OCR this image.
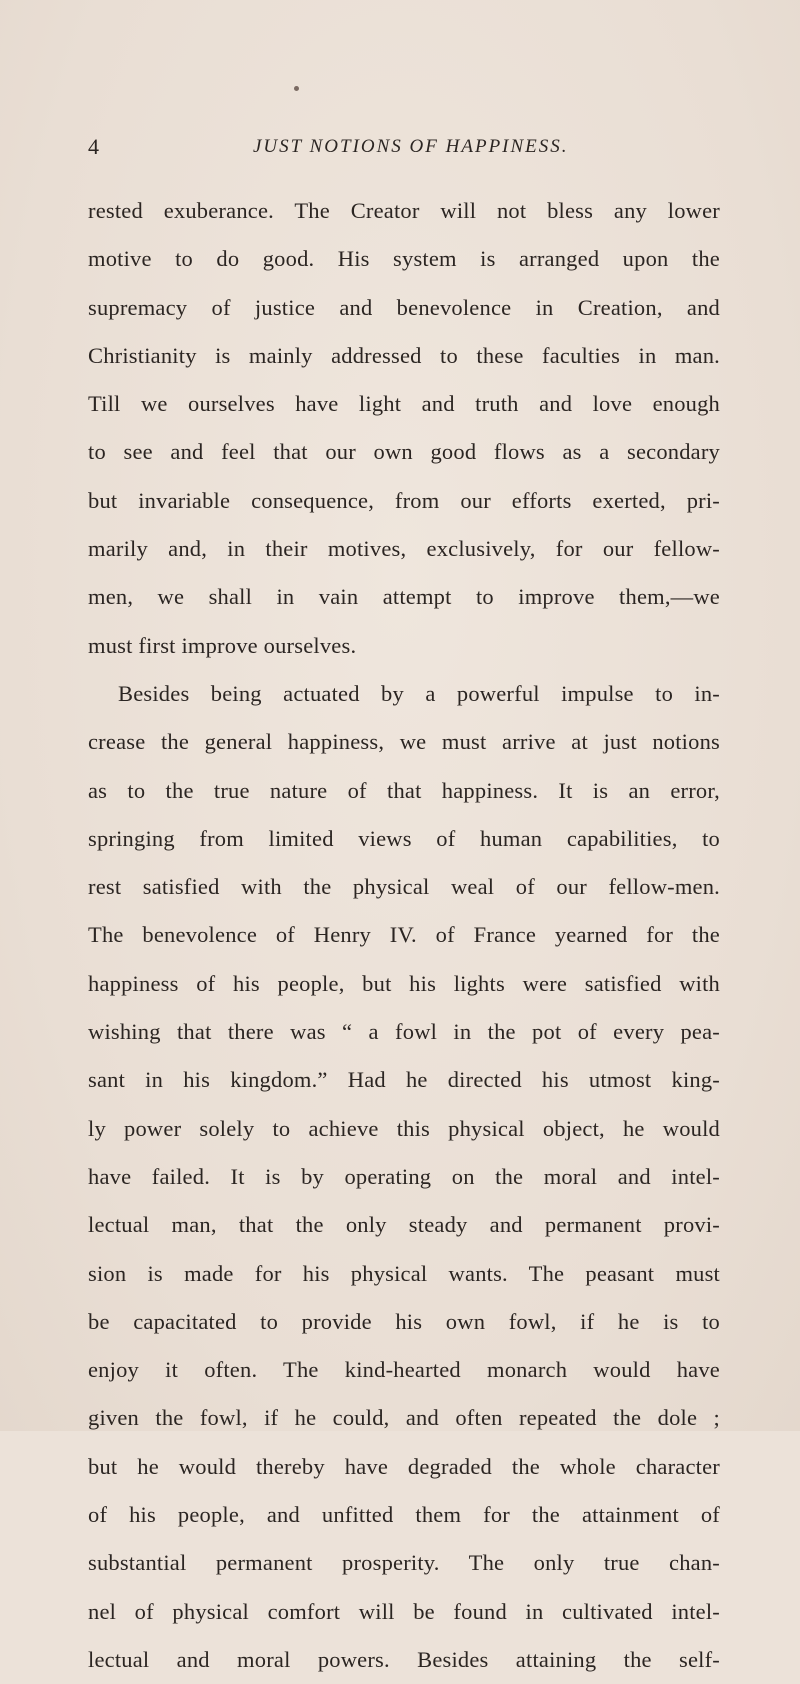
4	JUST NOTIONS OF HAPPINESS.
rested exuberance. The Creator will not bless any lower
motive to do good. His system is arranged upon the
supremacy of justice and benevolence in Creation, and
Christianity is mainly addressed to these faculties in man.
Till we ourselves have light and truth and love enough
to see and feel that our own good flows as a secondary
but invariable consequence, from our efforts exerted, pri-
marily and, in their motives, exclusively, for our fellow-
men, we shall in vain attempt to improve them,—we
must first improve ourselves.
Besides being actuated by a powerful impulse to in-
crease the general happiness, we must arrive at just notions
as to the true nature of that happiness. It is an error,
springing from limited views of human capabilities, to
rest satisfied with the physical weal of our fellow-men.
The benevolence of Henry IV. of France yearned for the
happiness of his people, but his lights were satisfied with
wishing that there was “ a fowl in the pot of every pea-
sant in his kingdom.” Had he directed his utmost king-
ly power solely to achieve this physical object, he would
have failed. It is by operating on the moral and intel-
lectual man, that the only steady and permanent provi-
sion is made for his physical wants. The peasant must
be capacitated to provide his own fowl, if he is to
enjoy it often. The kind-hearted monarch would have
given the fowl, if he could, and often repeated the dole ;
but he would thereby have degraded the whole character
of his people, and unfitted them for the attainment of
substantial permanent prosperity. The only true chan-
nel of physical comfort will be found in cultivated intel-
lectual and moral powers. Besides attaining the self-
